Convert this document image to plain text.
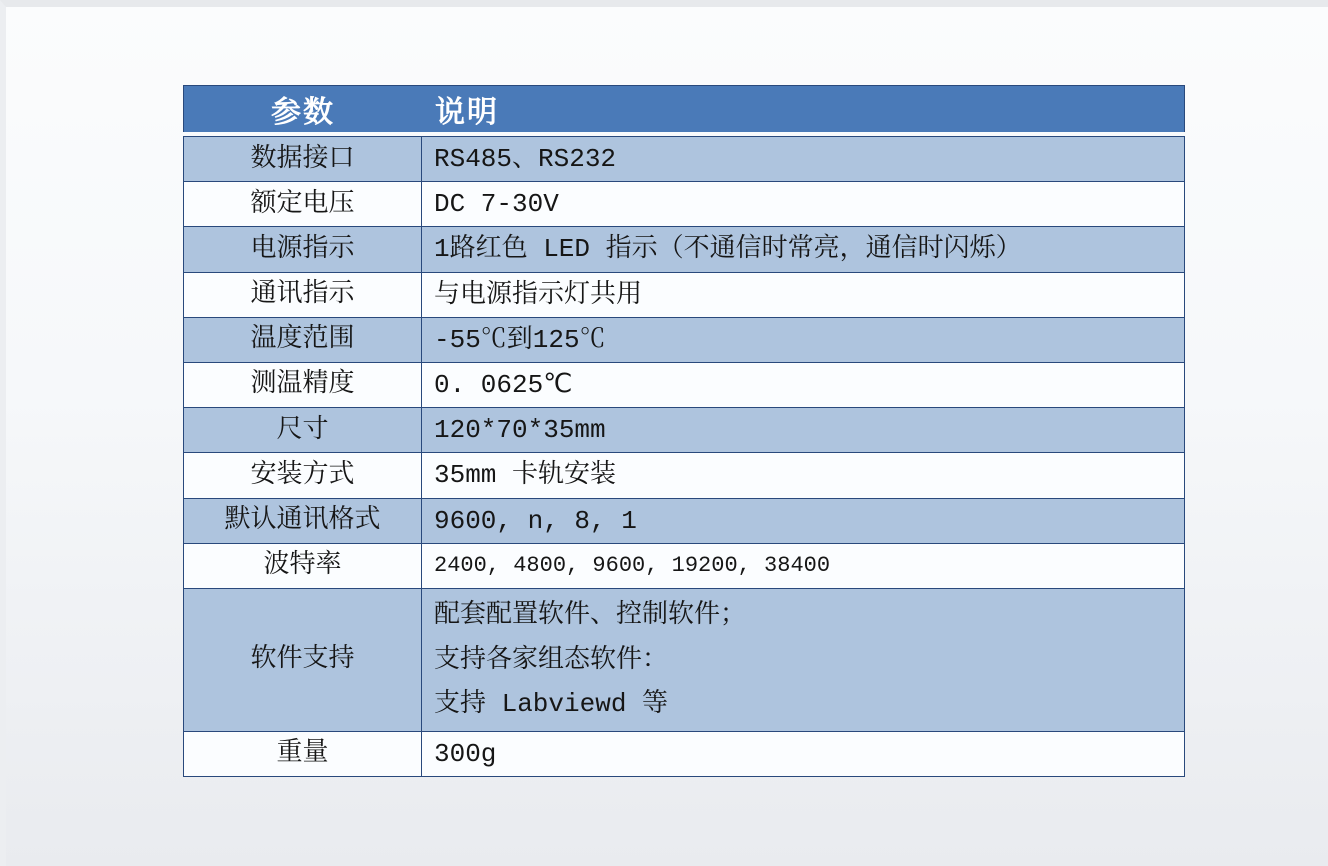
参数	说明
数据接口	RS485、RS232

额定电压	DC 7-30V

电源指示	1路红色 LED 指示（不通信时常亮，通信时闪烁）

通讯指示	与电源指示灯共用

温度范围	-55℃到125℃

测温精度	0. 0625℃

尺寸	120*70*35mm

安装方式	35mm 卡轨安装

默认通讯格式	9600, n, 8, 1

波特率	2400, 4800, 9600, 19200, 38400

软件支持	配套配置软件、控制软件；
支持各家组态软件：
支持 Labviewd 等

重量	300g
